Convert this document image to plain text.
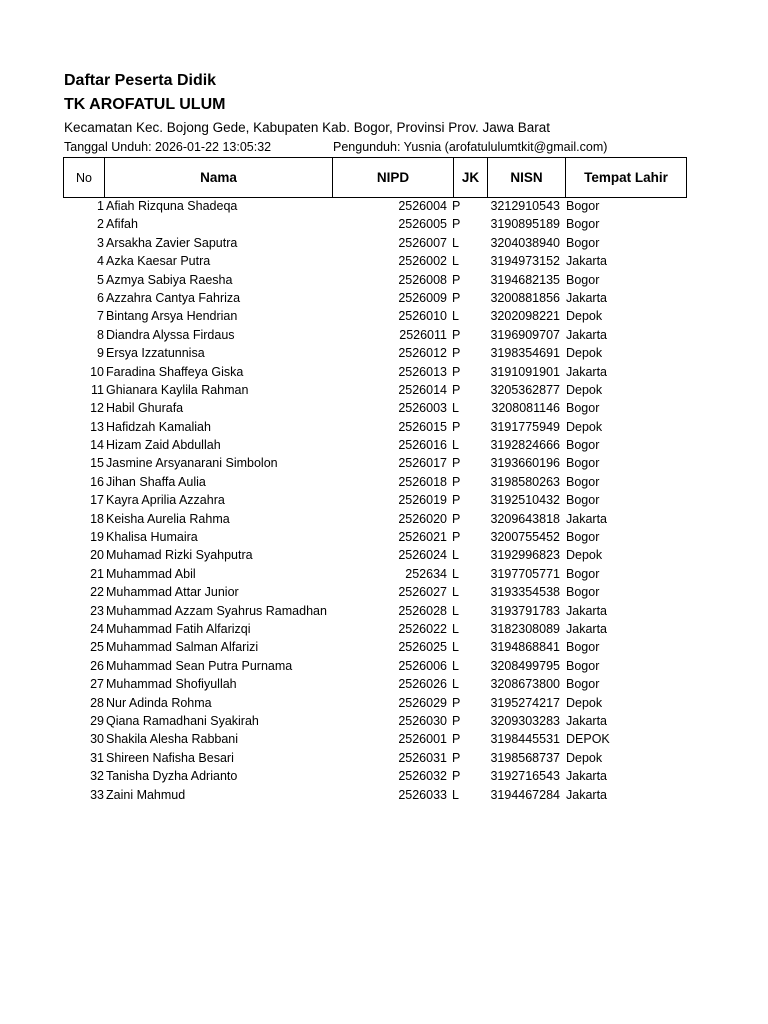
Daftar Peserta Didik
TK AROFATUL ULUM
Kecamatan Kec. Bojong Gede, Kabupaten Kab. Bogor, Provinsi Prov. Jawa Barat
Tanggal Unduh: 2026-01-22 13:05:32	Pengunduh: Yusnia (arofatululumtkit@gmail.com)
No	Nama	NIPD	JK	NISN	Tempat Lahir
1 Afiah Rizquna Shadeqa	2526004 P 3212910543 Bogor
2 Afifah	2526005 P 3190895189 Bogor
3 Arsakha Zavier Saputra	2526007 L	3204038940 Bogor
4 Azka Kaesar Putra	2526002 L	3194973152 Jakarta
5 Azmya Sabiya Raesha	2526008 P 3194682135 Bogor
6 Azzahra Cantya Fahriza	2526009 P 3200881856 Jakarta
7 Bintang Arsya Hendrian	2526010 L	3202098221 Depok
8 Diandra Alyssa Firdaus	2526011 P 3196909707 Jakarta
9 Ersya Izzatunnisa	2526012 P 3198354691 Depok
10 Faradina Shaffeya Giska	2526013 P 3191091901 Jakarta
11 Ghianara Kaylila Rahman	2526014 P 3205362877 Depok
12 Habil Ghurafa	2526003 L	3208081146 Bogor
13 Hafidzah Kamaliah	2526015 P 3191775949 Depok
14 Hizam Zaid Abdullah	2526016 L	3192824666 Bogor
15 Jasmine Arsyanarani Simbolon	2526017 P 3193660196 Bogor
16 Jihan Shaffa Aulia	2526018 P 3198580263 Bogor
17 Kayra Aprilia Azzahra	2526019 P 3192510432 Bogor
18 Keisha Aurelia Rahma	2526020 P 3209643818 Jakarta
19 Khalisa Humaira	2526021 P 3200755452 Bogor
20 Muhamad Rizki Syahputra	2526024 L	3192996823 Depok
21 Muhammad Abil	252634 L	3197705771 Bogor
22 Muhammad Attar Junior	2526027 L	3193354538 Bogor
23 Muhammad Azzam Syahrus Ramadhan	2526028 L	3193791783 Jakarta
24 Muhammad Fatih Alfarizqi	2526022 L	3182308089 Jakarta
25 Muhammad Salman Alfarizi	2526025 L	3194868841 Bogor
26 Muhammad Sean Putra Purnama	2526006 L	3208499795 Bogor
27 Muhammad Shofiyullah	2526026 L	3208673800 Bogor
28 Nur Adinda Rohma	2526029 P 3195274217 Depok
29 Qiana Ramadhani Syakirah	2526030 P 3209303283 Jakarta
30 Shakila Alesha Rabbani	2526001 P 3198445531 DEPOK
31 Shireen Nafisha Besari	2526031 P 3198568737 Depok
32 Tanisha Dyzha Adrianto	2526032 P 3192716543 Jakarta
33 Zaini Mahmud	2526033 L	3194467284 Jakarta
